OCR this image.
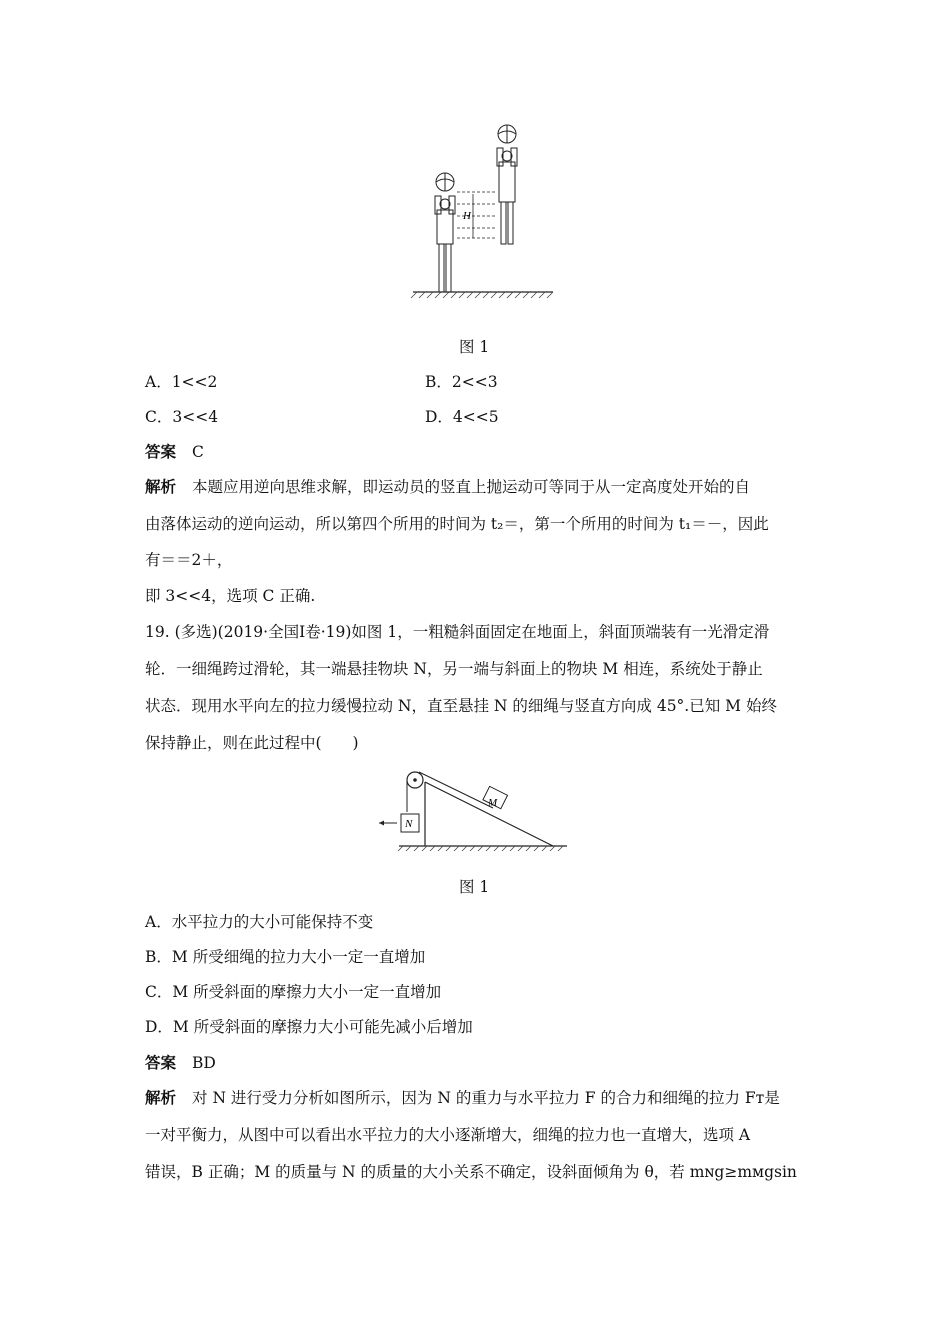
H
图 1
A．1<<2	B．2<<3
C．3<<4	D．4<<5
答案 C
解析 本题应用逆向思维求解，即运动员的竖直上抛运动可等同于从一定高度处开始的自
由落体运动的逆向运动，所以第四个所用的时间为 t₂＝，第一个所用的时间为 t₁＝－，因此
有＝＝2＋，
即 3<<4，选项 C 正确.
19. (多选)(2019·全国Ⅰ卷·19)如图 1，一粗糙斜面固定在地面上，斜面顶端装有一光滑定滑
轮．一细绳跨过滑轮，其一端悬挂物块 N，另一端与斜面上的物块 M 相连，系统处于静止
状态．现用水平向左的拉力缓慢拉动 N，直至悬挂 N 的细绳与竖直方向成 45°.已知 M 始终
保持静止，则在此过程中(　　)
M
N
图 1
A．水平拉力的大小可能保持不变
B．M 所受细绳的拉力大小一定一直增加
C．M 所受斜面的摩擦力大小一定一直增加
D．M 所受斜面的摩擦力大小可能先减小后增加
答案 BD
解析 对 N 进行受力分析如图所示，因为 N 的重力与水平拉力 F 的合力和细绳的拉力 Fᴛ是
一对平衡力，从图中可以看出水平拉力的大小逐渐增大，细绳的拉力也一直增大，选项 A
错误，B 正确；M 的质量与 N 的质量的大小关系不确定，设斜面倾角为 θ，若 mɴg≥mᴍgsin
